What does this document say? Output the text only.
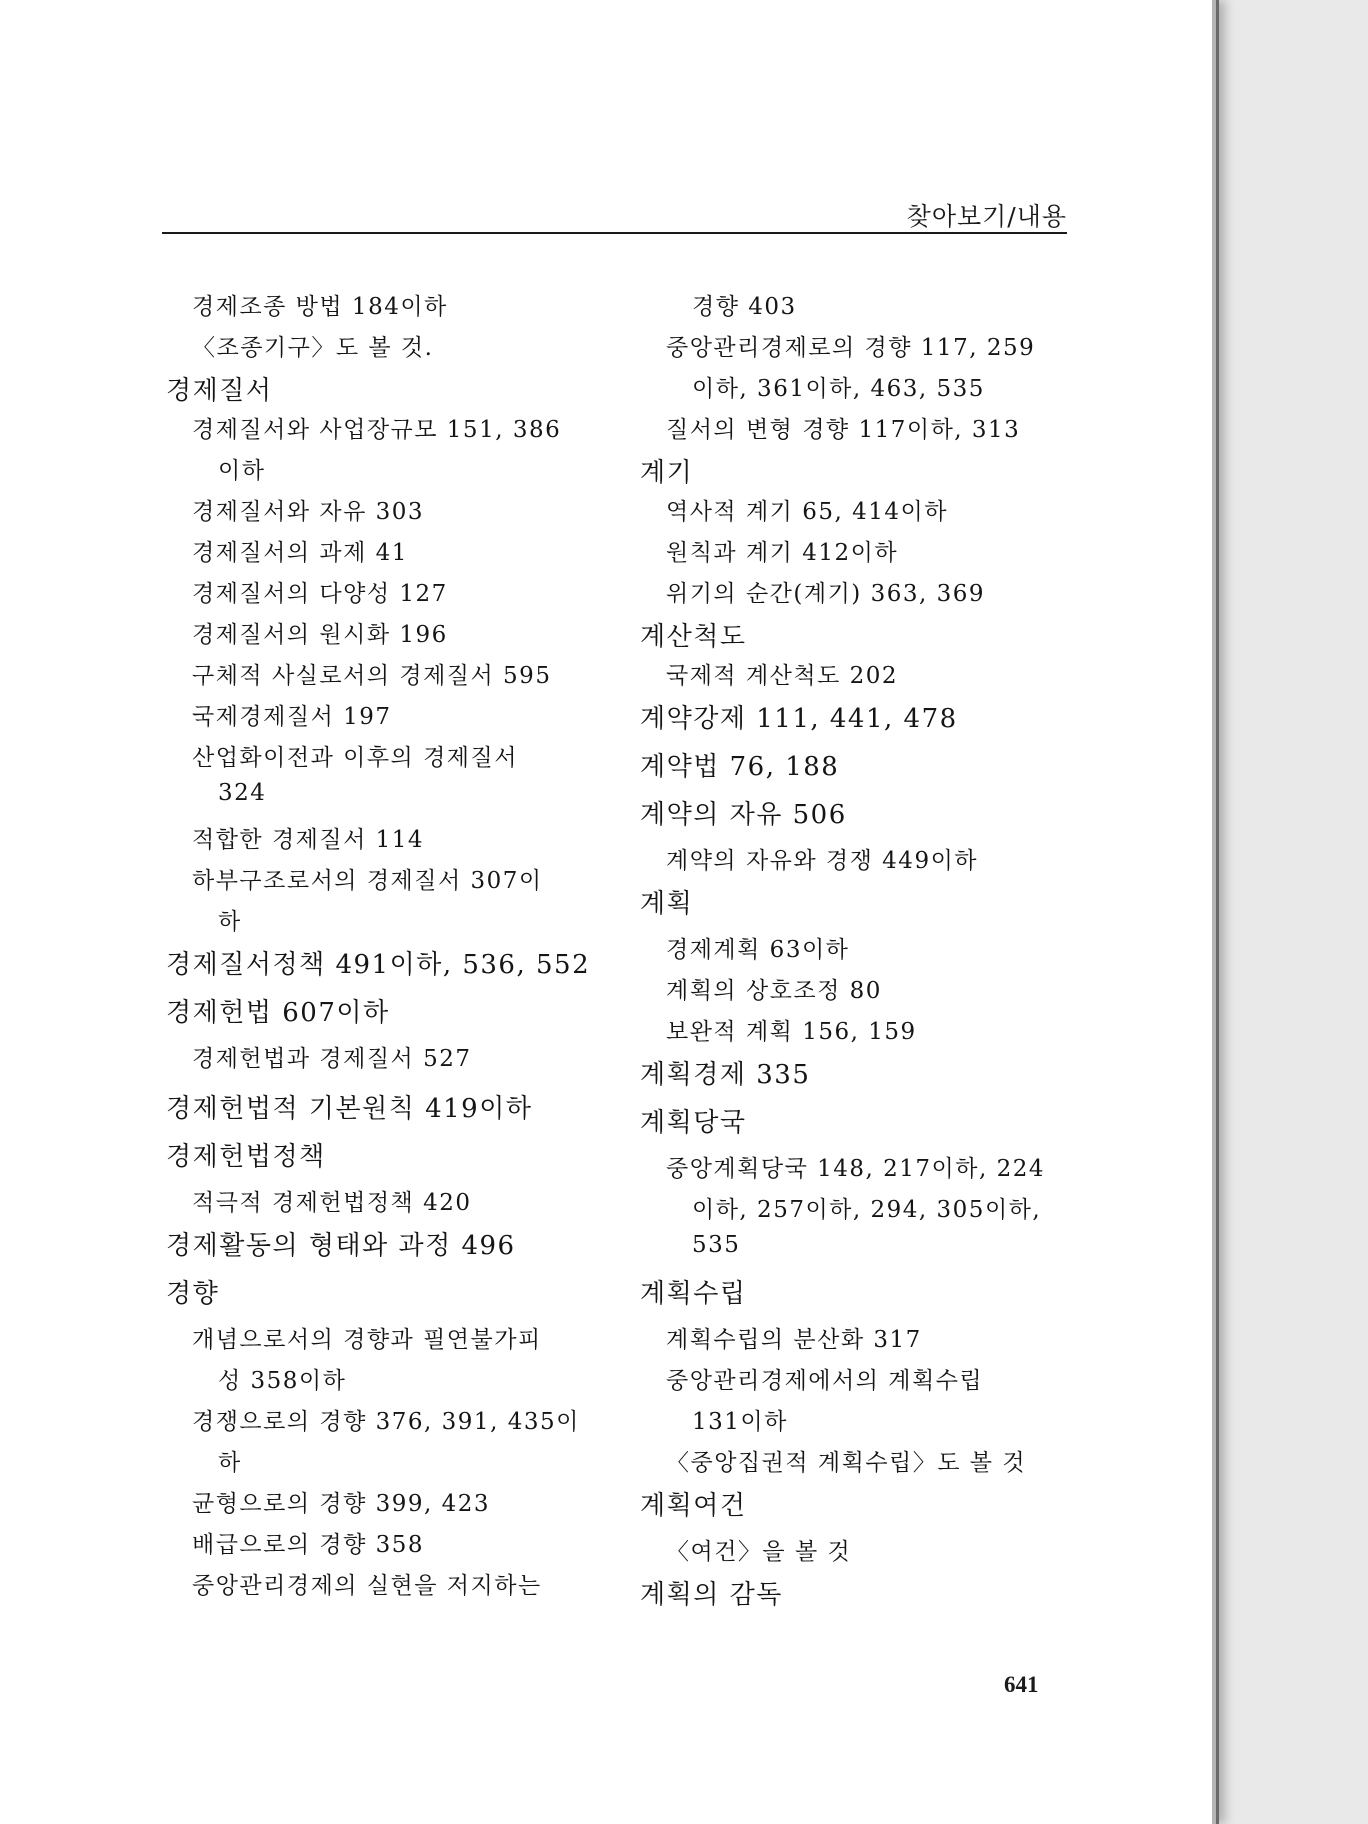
찾아보기/내용
경제조종 방법 184이하
〈조종기구〉도 볼 것.
경제질서
경제질서와 사업장규모 151, 386
이하
경제질서와 자유 303
경제질서의 과제 41
경제질서의 다양성 127
경제질서의 원시화 196
구체적 사실로서의 경제질서 595
국제경제질서 197
산업화이전과 이후의 경제질서
324
적합한 경제질서 114
하부구조로서의 경제질서 307이
하
경제질서정책 491이하, 536, 552
경제헌법 607이하
경제헌법과 경제질서 527
경제헌법적 기본원칙 419이하
경제헌법정책
적극적 경제헌법정책 420
경제활동의 형태와 과정 496
경향
개념으로서의 경향과 필연불가피
성 358이하
경쟁으로의 경향 376, 391, 435이
하
균형으로의 경향 399, 423
배급으로의 경향 358
중앙관리경제의 실현을 저지하는
경향 403
중앙관리경제로의 경향 117, 259
이하, 361이하, 463, 535
질서의 변형 경향 117이하, 313
계기
역사적 계기 65, 414이하
원칙과 계기 412이하
위기의 순간(계기) 363, 369
계산척도
국제적 계산척도 202
계약강제 111, 441, 478
계약법 76, 188
계약의 자유 506
계약의 자유와 경쟁 449이하
계획
경제계획 63이하
계획의 상호조정 80
보완적 계획 156, 159
계획경제 335
계획당국
중앙계획당국 148, 217이하, 224
이하, 257이하, 294, 305이하,
535
계획수립
계획수립의 분산화 317
중앙관리경제에서의 계획수립
131이하
〈중앙집권적 계획수립〉도 볼 것
계획여건
〈여건〉을 볼 것
계획의 감독
641
